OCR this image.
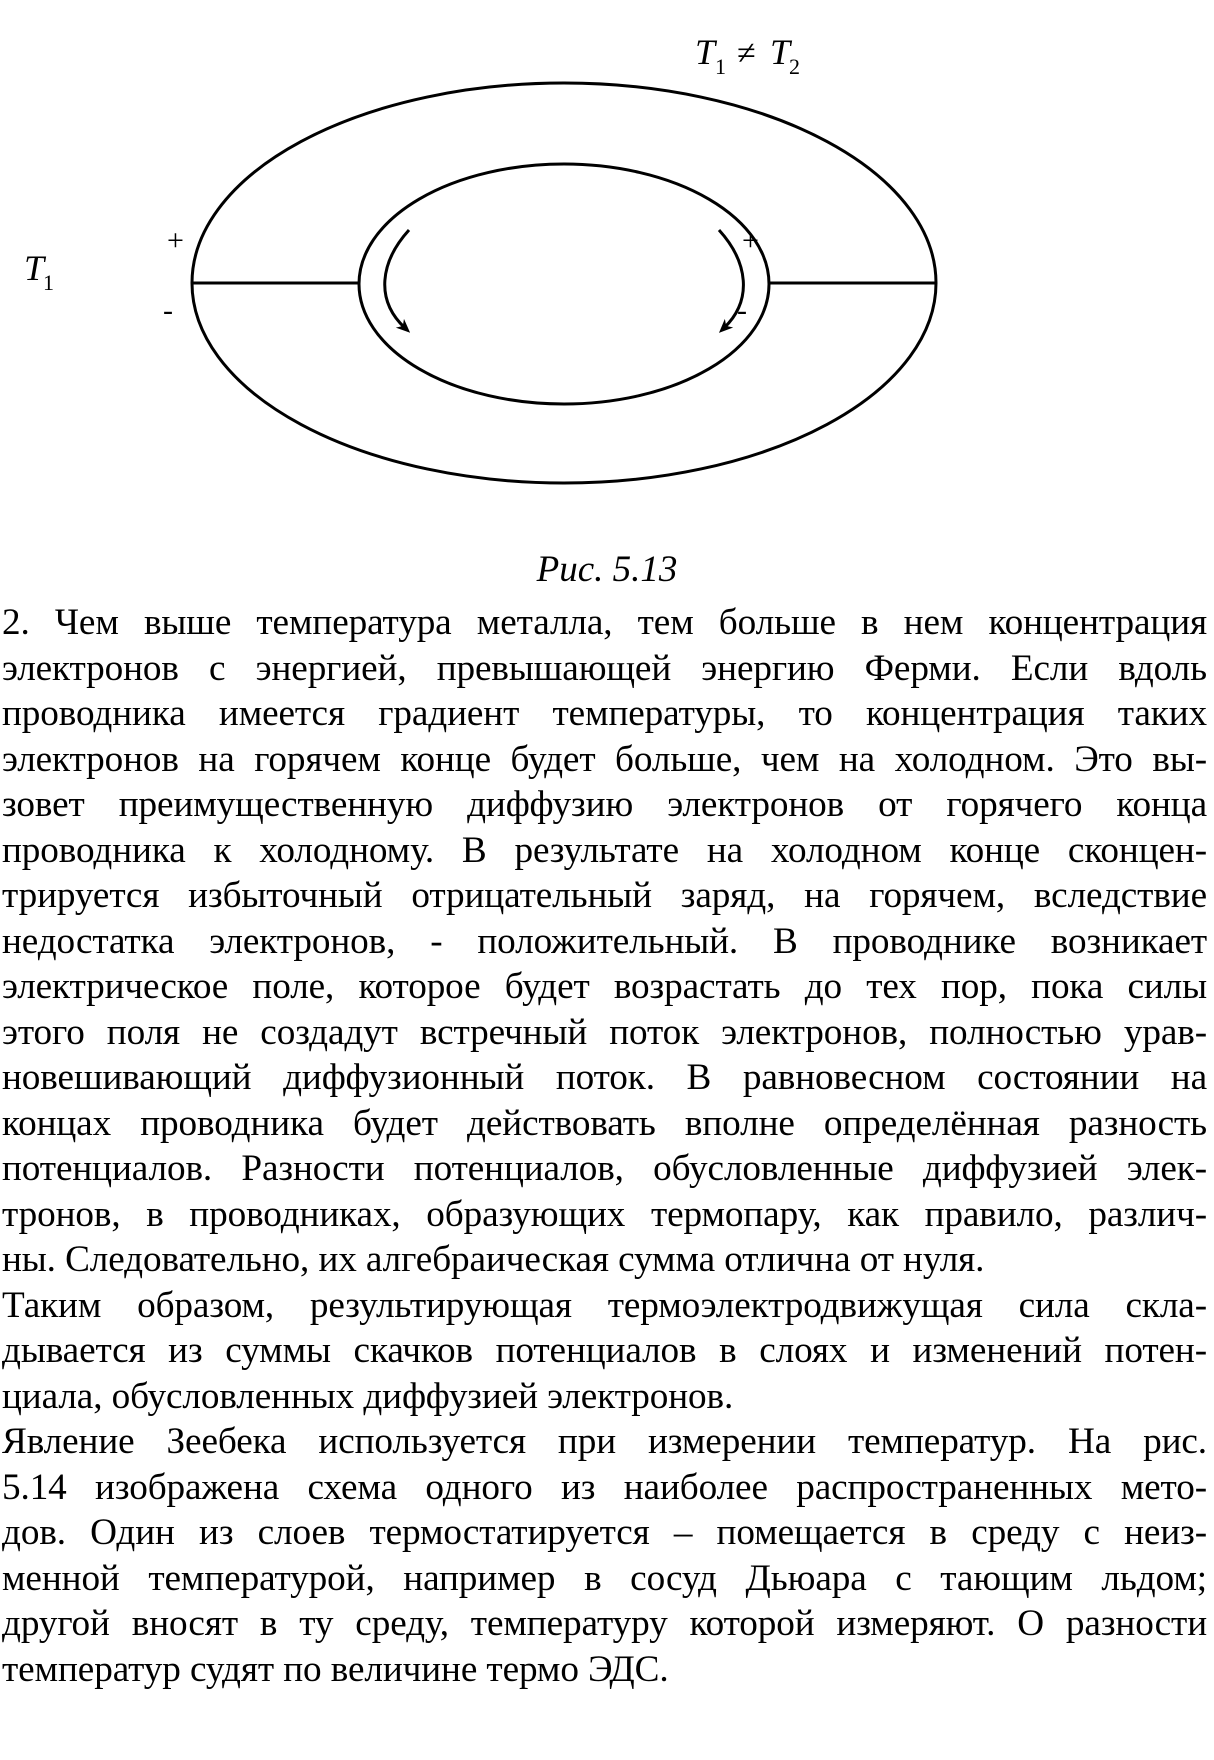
T 1 ≠ T
2
T
1
+
-
+
-
Рис. 5.13
2. Чем выше температура металла, тем больше в нем концентрация
электронов с энергией, превышающей энергию Ферми. Если вдоль
проводника имеется градиент температуры, то концентрация таких
электронов на горячем конце будет больше, чем на холодном. Это вы-
зовет преимущественную диффузию электронов от горячего конца
проводника к холодному. В результате на холодном конце сконцен-
трируется избыточный отрицательный заряд, на горячем, вследствие
недостатка электронов, - положительный. В проводнике возникает
электрическое поле, которое будет возрастать до тех пор, пока силы
этого поля не создадут встречный поток электронов, полностью урав-
новешивающий диффузионный поток. В равновесном состоянии на
концах проводника будет действовать вполне определённая разность
потенциалов. Разности потенциалов, обусловленные диффузией элек-
тронов, в проводниках, образующих термопару, как правило, различ-
ны. Следовательно, их алгебраическая сумма отлична от нуля.
Таким образом, результирующая термоэлектродвижущая сила скла-
дывается из суммы скачков потенциалов в слоях и изменений потен-
циала, обусловленных диффузией электронов.
Явление Зеебека используется при измерении температур. На рис.
5.14 изображена схема одного из наиболее распространенных мето-
дов. Один из слоев термостатируется – помещается в среду с неиз-
менной температурой, например в сосуд Дьюара с тающим льдом;
другой вносят в ту среду, температуру которой измеряют. О разности
температур судят по величине термо ЭДС.
